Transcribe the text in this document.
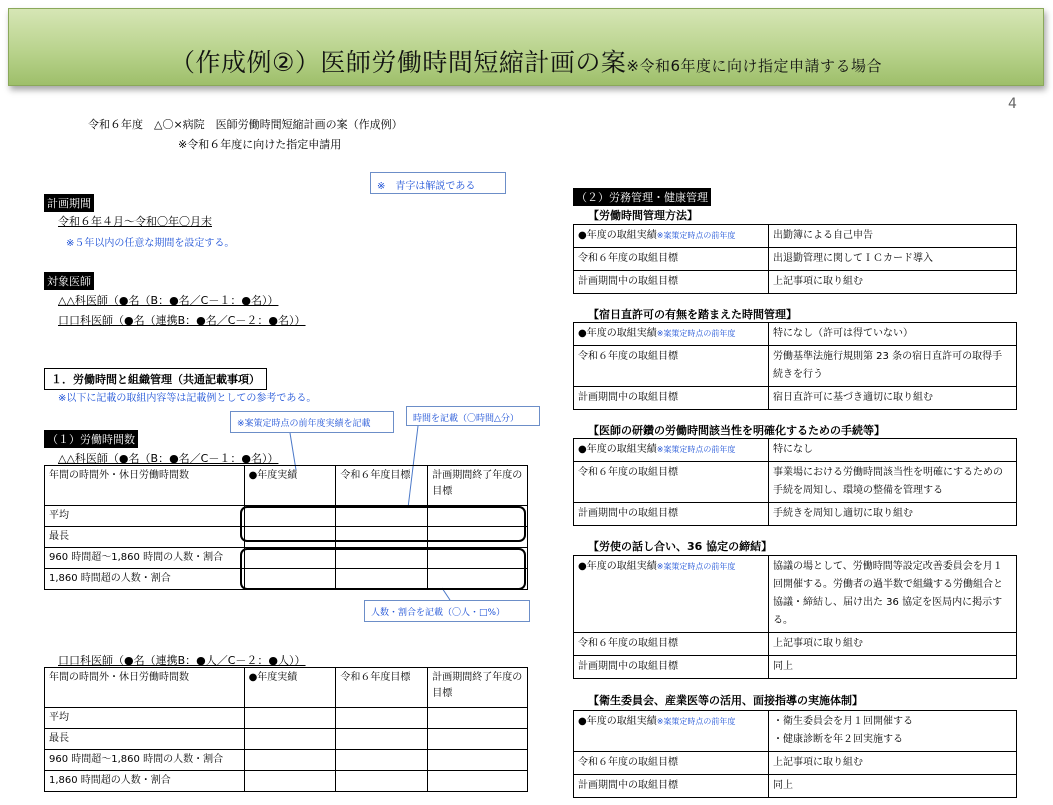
（作成例②）医師労働時間短縮計画の案※令和6年度に向け指定申請する場合
4
令和６年度　△〇×病院　医師労働時間短縮計画の案（作成例）
※令和６年度に向けた指定申請用
※　青字は解説である
計画期間
令和６年４月～令和〇年〇月末
※５年以内の任意な期間を設定する。
対象医師
△△科医師（●名（B：●名／C－１：●名））
口口科医師（●名（連携B：●名／C－２：●名））
１．労働時間と組織管理（共通記載事項）
※以下に記載の取組内容等は記載例としての参考である。
※案策定時点の前年度実績を記載	時間を記載（〇時間△分）
（１）労働時間数
△△科医師（●名（B：●名／C－１：●名））
年間の時間外・休日労働時間数	●年度実績	令和６年度目標	計画期間終了年度の目標
平均			
最長			
960 時間超～1,860 時間の人数・割合			
1,860 時間超の人数・割合			
人数・割合を記載（〇人・□%）
口口科医師（●名（連携B：●人／C－２：●人））
年間の時間外・休日労働時間数	●年度実績	令和６年度目標	計画期間終了年度の目標
平均			
最長			
960 時間超～1,860 時間の人数・割合			
1,860 時間超の人数・割合			
（２）労務管理・健康管理
【労働時間管理方法】
●年度の取組実績※案策定時点の前年度	出勤簿による自己申告
令和６年度の取組目標	出退勤管理に関してＩＣカード導入
計画期間中の取組目標	上記事項に取り組む
【宿日直許可の有無を踏まえた時間管理】
●年度の取組実績※案策定時点の前年度	特になし（許可は得ていない）
令和６年度の取組目標	労働基準法施行規則第 23 条の宿日直許可の取得手続きを行う
計画期間中の取組目標	宿日直許可に基づき適切に取り組む
【医師の研鑽の労働時間該当性を明確化するための手続等】
●年度の取組実績※案策定時点の前年度	特になし
令和６年度の取組目標	事業場における労働時間該当性を明確にするための手続を周知し、環境の整備を管理する
計画期間中の取組目標	手続きを周知し適切に取り組む
【労使の話し合い、36 協定の締結】
●年度の取組実績※案策定時点の前年度	協議の場として、労働時間等設定改善委員会を月１回開催する。労働者の過半数で組織する労働組合と協議・締結し、届け出た 36 協定を医局内に掲示する。
令和６年度の取組目標	上記事項に取り組む
計画期間中の取組目標	同上
【衛生委員会、産業医等の活用、面接指導の実施体制】
●年度の取組実績※案策定時点の前年度	・衛生委員会を月１回開催する
・健康診断を年２回実施する

令和６年度の取組目標	上記事項に取り組む
計画期間中の取組目標	同上
